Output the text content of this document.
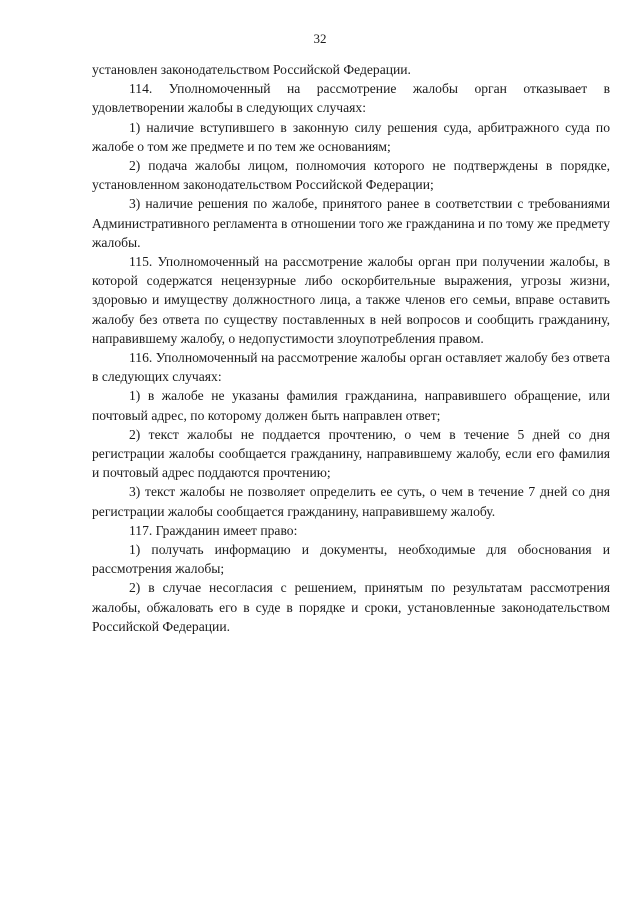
32

установлен законодательством Российской Федерации.

114. Уполномоченный на рассмотрение жалобы орган отказывает в удовлетворении жалобы в следующих случаях:

1) наличие вступившего в законную силу решения суда, арбитражного суда по жалобе о том же предмете и по тем же основаниям;

2) подача жалобы лицом, полномочия которого не подтверждены в порядке, установленном законодательством Российской Федерации;

3) наличие решения по жалобе, принятого ранее в соответствии с требованиями Административного регламента в отношении того же гражданина и по тому же предмету жалобы.

115. Уполномоченный на рассмотрение жалобы орган при получении жалобы, в которой содержатся нецензурные либо оскорбительные выражения, угрозы жизни, здоровью и имуществу должностного лица, а также членов его семьи, вправе оставить жалобу без ответа по существу поставленных в ней вопросов и сообщить гражданину, направившему жалобу, о недопустимости злоупотребления правом.

116. Уполномоченный на рассмотрение жалобы орган оставляет жалобу без ответа в следующих случаях:

1) в жалобе не указаны фамилия гражданина, направившего обращение, или почтовый адрес, по которому должен быть направлен ответ;

2) текст жалобы не поддается прочтению, о чем в течение 5 дней со дня регистрации жалобы сообщается гражданину, направившему жалобу, если его фамилия и почтовый адрес поддаются прочтению;

3) текст жалобы не позволяет определить ее суть, о чем в течение 7 дней со дня регистрации жалобы сообщается гражданину, направившему жалобу.

117. Гражданин имеет право:

1) получать информацию и документы, необходимые для обоснования и рассмотрения жалобы;

2) в случае несогласия с решением, принятым по результатам рассмотрения жалобы, обжаловать его в суде в порядке и сроки, установленные законодательством Российской Федерации.
